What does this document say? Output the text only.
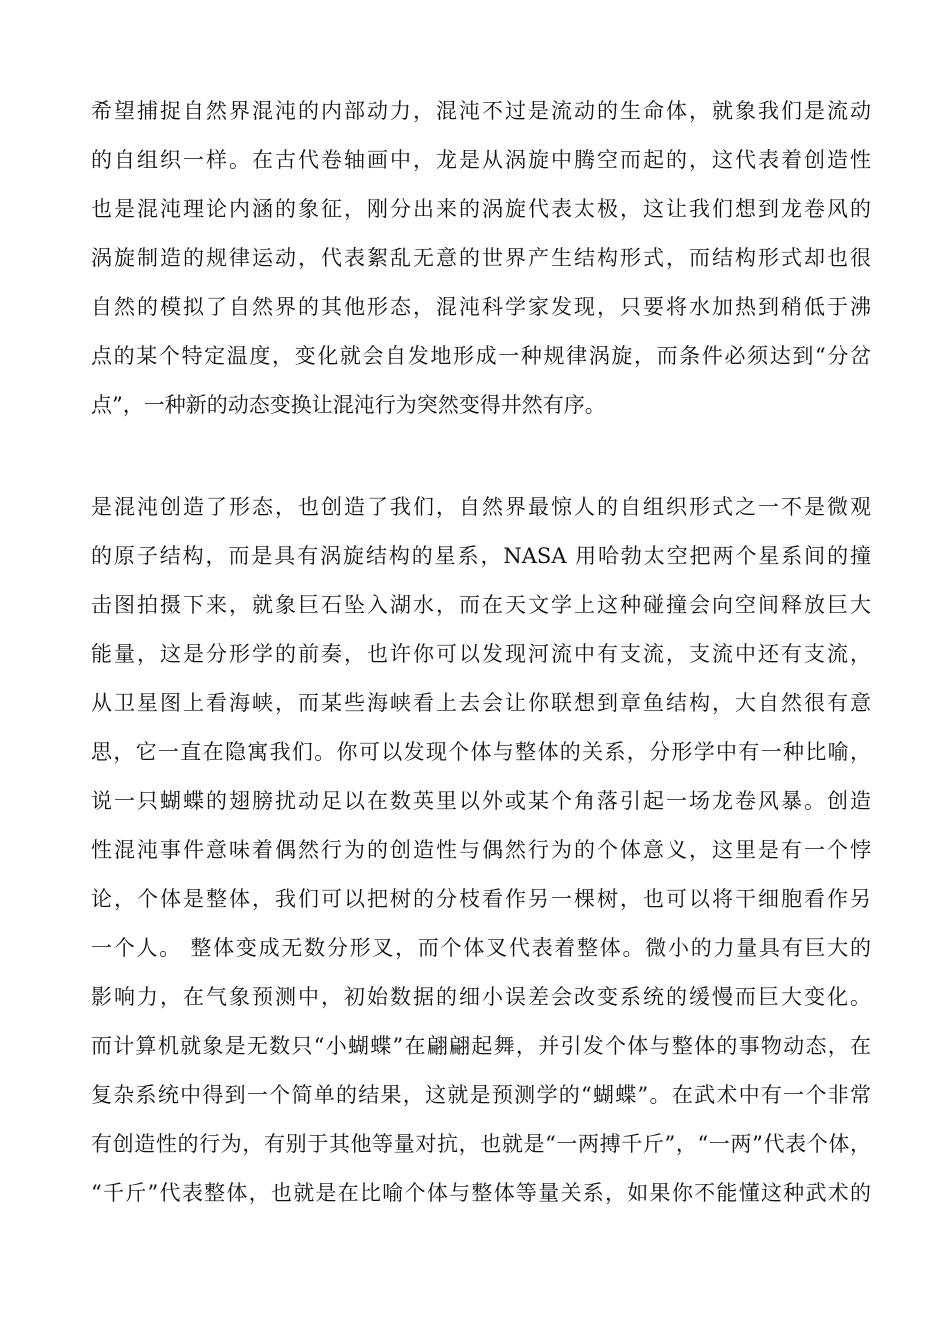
希望捕捉自然界混沌的内部动力，混沌不过是流动的生命体，就象我们是流动
的自组织一样。在古代卷轴画中，龙是从涡旋中腾空而起的，这代表着创造性
也是混沌理论内涵的象征，刚分出来的涡旋代表太极，这让我们想到龙卷风的
涡旋制造的规律运动，代表絮乱无意的世界产生结构形式，而结构形式却也很
自然的模拟了自然界的其他形态，混沌科学家发现，只要将水加热到稍低于沸
点的某个特定温度，变化就会自发地形成一种规律涡旋，而条件必须达到“分岔
点”，一种新的动态变换让混沌行为突然变得井然有序。
是混沌创造了形态，也创造了我们，自然界最惊人的自组织形式之一不是微观
的原子结构，而是具有涡旋结构的星系，NASA 用哈勃太空把两个星系间的撞
击图拍摄下来，就象巨石坠入湖水，而在天文学上这种碰撞会向空间释放巨大
能量，这是分形学的前奏，也许你可以发现河流中有支流，支流中还有支流，
从卫星图上看海峡，而某些海峡看上去会让你联想到章鱼结构，大自然很有意
思，它一直在隐寓我们。你可以发现个体与整体的关系，分形学中有一种比喻，
说一只蝴蝶的翅膀扰动足以在数英里以外或某个角落引起一场龙卷风暴。创造
性混沌事件意味着偶然行为的创造性与偶然行为的个体意义，这里是有一个悖
论，个体是整体，我们可以把树的分枝看作另一棵树，也可以将干细胞看作另
一个人。 整体变成无数分形叉，而个体叉代表着整体。微小的力量具有巨大的
影响力，在气象预测中，初始数据的细小误差会改变系统的缓慢而巨大变化。
而计算机就象是无数只“小蝴蝶”在翩翩起舞，并引发个体与整体的事物动态，在
复杂系统中得到一个简单的结果，这就是预测学的“蝴蝶”。在武术中有一个非常
有创造性的行为，有别于其他等量对抗，也就是“一两搏千斤”，“一两”代表个体，
“千斤”代表整体，也就是在比喻个体与整体等量关系，如果你不能懂这种武术的
